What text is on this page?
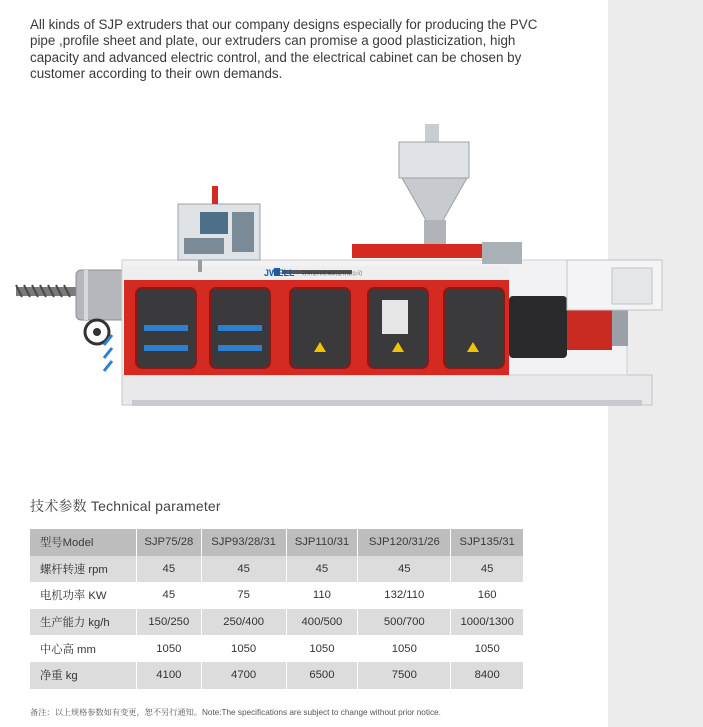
All kinds of SJP extruders that our company designs especially for producing the PVC pipe ,profile sheet and plate, our extruders can promise a good plasticization, high capacity and advanced electric control, and the electrical cabinet can be chosen by customer according to their own demands.

JWELL 苏州金纬机械制造有限公司
技术参数 Technical parameter
型号Model	SJP75/28	SJP93/28/31	SJP110/31	SJP120/31/26	SJP135/31
螺杆转速 rpm	45	45	45	45	45
电机功率 KW	45	75	110	132/110	160
生产能力 kg/h	150/250	250/400	400/500	500/700	1000/1300
中心高 mm	1050	1050	1050	1050	1050
净重 kg	4100	4700	6500	7500	8400
备注：以上规格参数如有变更，恕不另行通知。Note:The specifications are subject to change without prior notice.
